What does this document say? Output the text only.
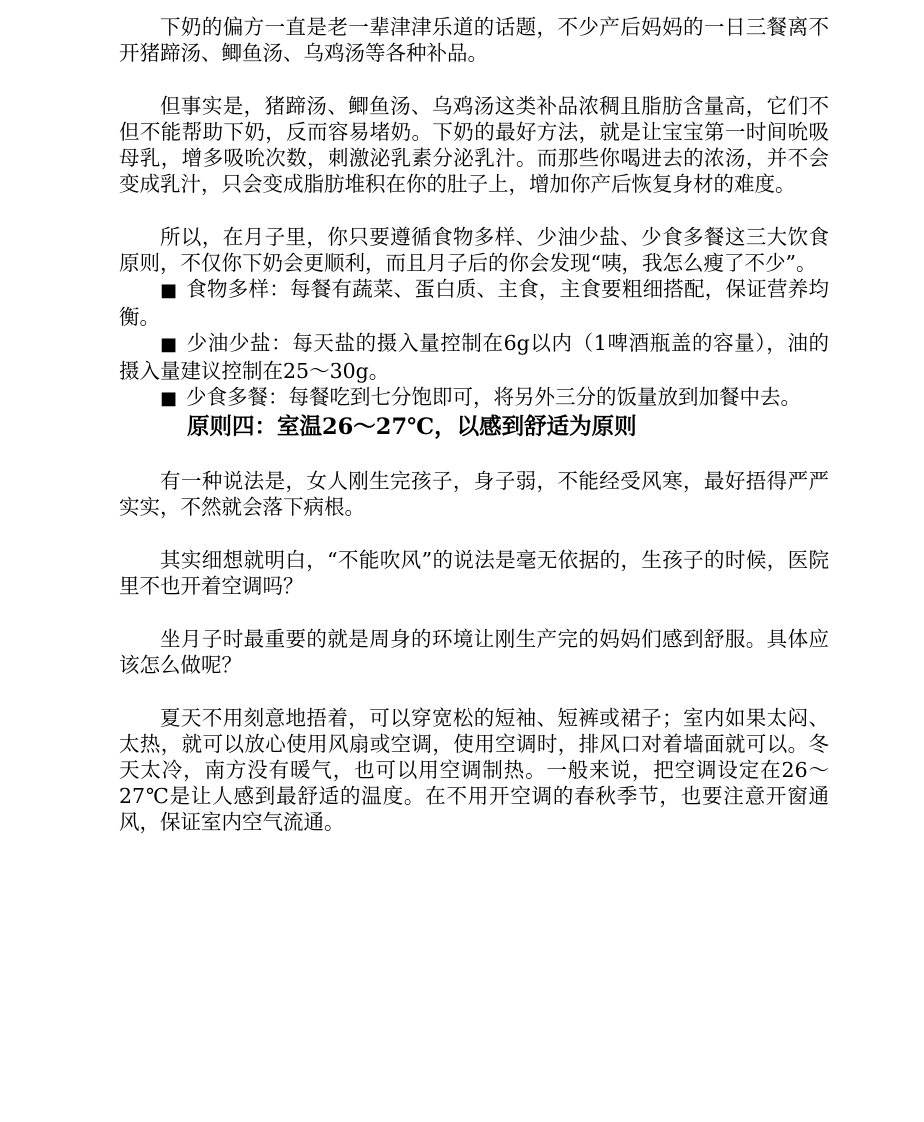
下奶的偏方一直是老一辈津津乐道的话题，不少产后妈妈的一日三餐离不开猪蹄汤、鲫鱼汤、乌鸡汤等各种补品。

但事实是，猪蹄汤、鲫鱼汤、乌鸡汤这类补品浓稠且脂肪含量高，它们不但不能帮助下奶，反而容易堵奶。下奶的最好方法，就是让宝宝第一时间吮吸母乳，增多吸吮次数，刺激泌乳素分泌乳汁。而那些你喝进去的浓汤，并不会变成乳汁，只会变成脂肪堆积在你的肚子上，增加你产后恢复身材的难度。

所以，在月子里，你只要遵循食物多样、少油少盐、少食多餐这三大饮食原则，不仅你下奶会更顺利，而且月子后的你会发现“咦，我怎么瘦了不少”。

■ 食物多样：每餐有蔬菜、蛋白质、主食，主食要粗细搭配，保证营养均衡。

■ 少油少盐：每天盐的摄入量控制在6g以内（1啤酒瓶盖的容量），油的摄入量建议控制在25～30g。

■ 少食多餐：每餐吃到七分饱即可，将另外三分的饭量放到加餐中去。

原则四：室温26～27℃，以感到舒适为原则

有一种说法是，女人刚生完孩子，身子弱，不能经受风寒，最好捂得严严实实，不然就会落下病根。

其实细想就明白，“不能吹风”的说法是毫无依据的，生孩子的时候，医院里不也开着空调吗？

坐月子时最重要的就是周身的环境让刚生产完的妈妈们感到舒服。具体应该怎么做呢？

夏天不用刻意地捂着，可以穿宽松的短袖、短裤或裙子；室内如果太闷、太热，就可以放心使用风扇或空调，使用空调时，排风口对着墙面就可以。冬天太冷，南方没有暖气，也可以用空调制热。一般来说，把空调设定在26～27℃是让人感到最舒适的温度。在不用开空调的春秋季节，也要注意开窗通风，保证室内空气流通。
